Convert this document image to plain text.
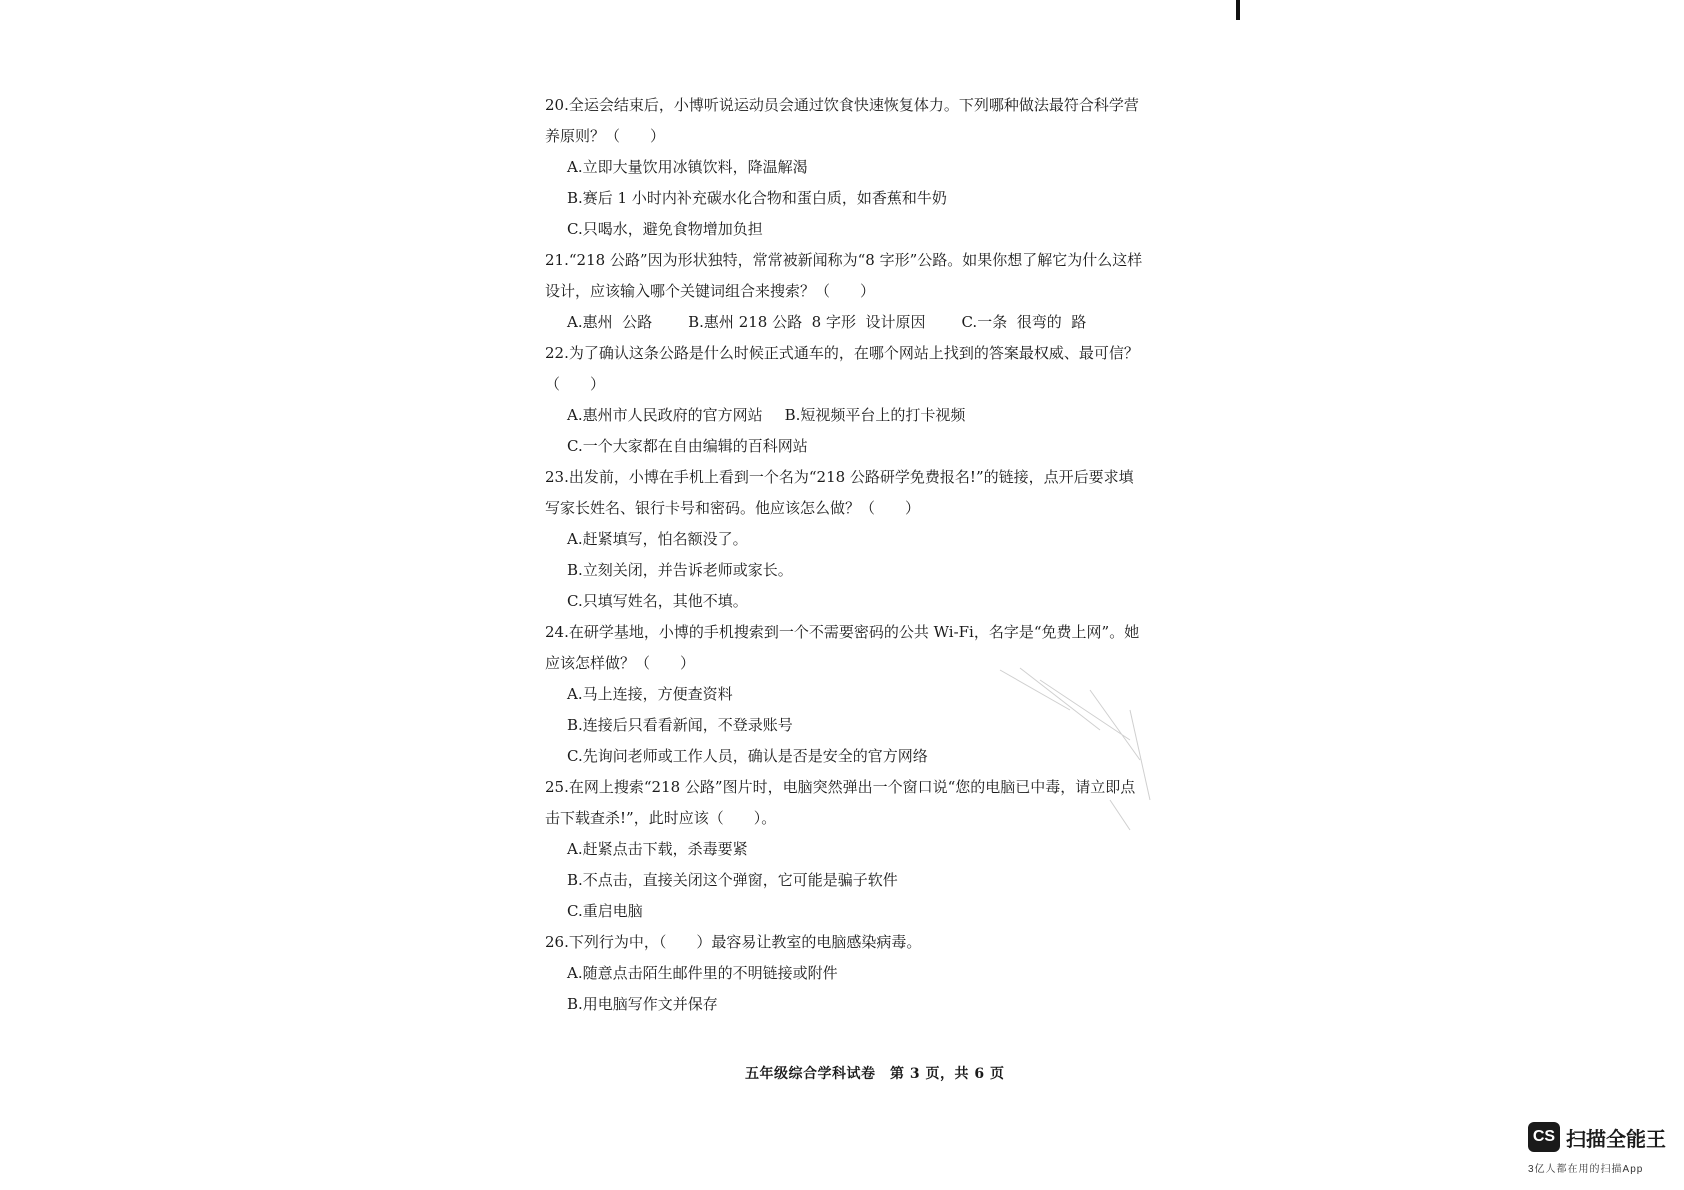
20.全运会结束后，小博听说运动员会通过饮食快速恢复体力。下列哪种做法最符合科学营养原则？（　　）

A.立即大量饮用冰镇饮料，降温解渴

B.赛后 1 小时内补充碳水化合物和蛋白质，如香蕉和牛奶

C.只喝水，避免食物增加负担

21.“218 公路”因为形状独特，常常被新闻称为“8 字形”公路。如果你想了解它为什么这样设计，应该输入哪个关键词组合来搜索？（　　）

A.惠州  公路 B.惠州 218 公路  8 字形  设计原因 C.一条  很弯的  路

22.为了确认这条公路是什么时候正式通车的，在哪个网站上找到的答案最权威、最可信？（　　）

A.惠州市人民政府的官方网站 B.短视频平台上的打卡视频

C.一个大家都在自由编辑的百科网站

23.出发前，小博在手机上看到一个名为“218 公路研学免费报名!”的链接，点开后要求填写家长姓名、银行卡号和密码。他应该怎么做？（　　）

A.赶紧填写，怕名额没了。

B.立刻关闭，并告诉老师或家长。

C.只填写姓名，其他不填。

24.在研学基地，小博的手机搜索到一个不需要密码的公共 Wi-Fi，名字是“免费上网”。她应该怎样做？（　　）

A.马上连接，方便查资料

B.连接后只看看新闻，不登录账号

C.先询问老师或工作人员，确认是否是安全的官方网络

25.在网上搜索“218 公路”图片时，电脑突然弹出一个窗口说“您的电脑已中毒，请立即点击下载查杀!”，此时应该（　　）。

A.赶紧点击下载，杀毒要紧

B.不点击，直接关闭这个弹窗，它可能是骗子软件

C.重启电脑

26.下列行为中，（　　）最容易让教室的电脑感染病毒。

A.随意点击陌生邮件里的不明链接或附件

B.用电脑写作文并保存

五年级综合学科试卷　第 3 页，共 6 页
CS 扫描全能王
3亿人都在用的扫描App
